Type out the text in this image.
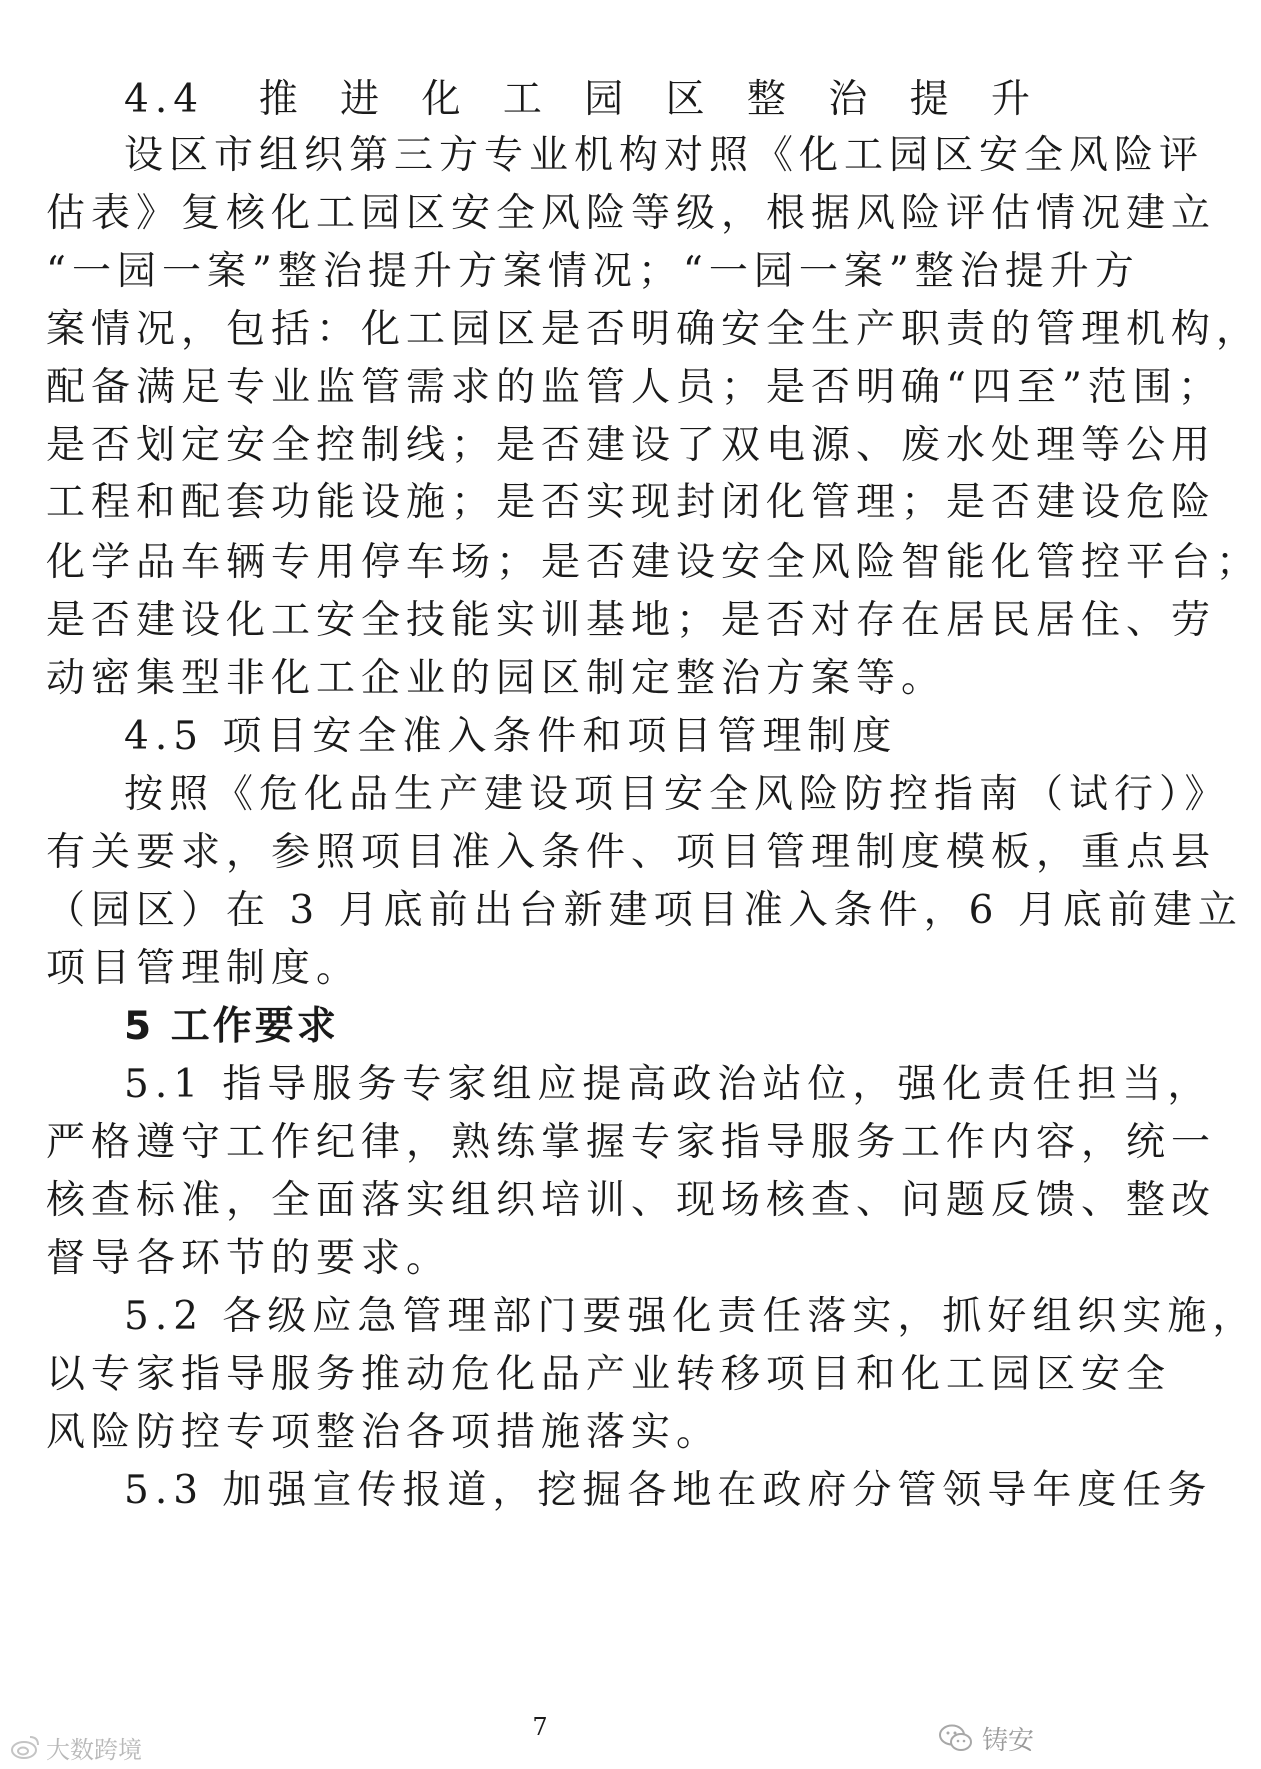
4.4 推进化工园区整治提升
设区市组织第三方专业机构对照《化工园区安全风险评
估表》复核化工园区安全风险等级，根据风险评估情况建立
“一园一案”整治提升方案情况；“一园一案”整治提升方
案情况，包括：化工园区是否明确安全生产职责的管理机构，
配备满足专业监管需求的监管人员；是否明确“四至”范围；
是否划定安全控制线；是否建设了双电源、废水处理等公用
工程和配套功能设施；是否实现封闭化管理；是否建设危险
化学品车辆专用停车场；是否建设安全风险智能化管控平台；
是否建设化工安全技能实训基地；是否对存在居民居住、劳
动密集型非化工企业的园区制定整治方案等。
4.5 项目安全准入条件和项目管理制度
按照《危化品生产建设项目安全风险防控指南（试行）》
有关要求，参照项目准入条件、项目管理制度模板，重点县
（园区）在 3 月底前出台新建项目准入条件，6 月底前建立
项目管理制度。
5 工作要求
5.1 指导服务专家组应提高政治站位，强化责任担当，
严格遵守工作纪律，熟练掌握专家指导服务工作内容，统一
核查标准，全面落实组织培训、现场核查、问题反馈、整改
督导各环节的要求。
5.2 各级应急管理部门要强化责任落实，抓好组织实施，
以专家指导服务推动危化品产业转移项目和化工园区安全
风险防控专项整治各项措施落实。
5.3 加强宣传报道，挖掘各地在政府分管领导年度任务
7
大数跨境	铸安
